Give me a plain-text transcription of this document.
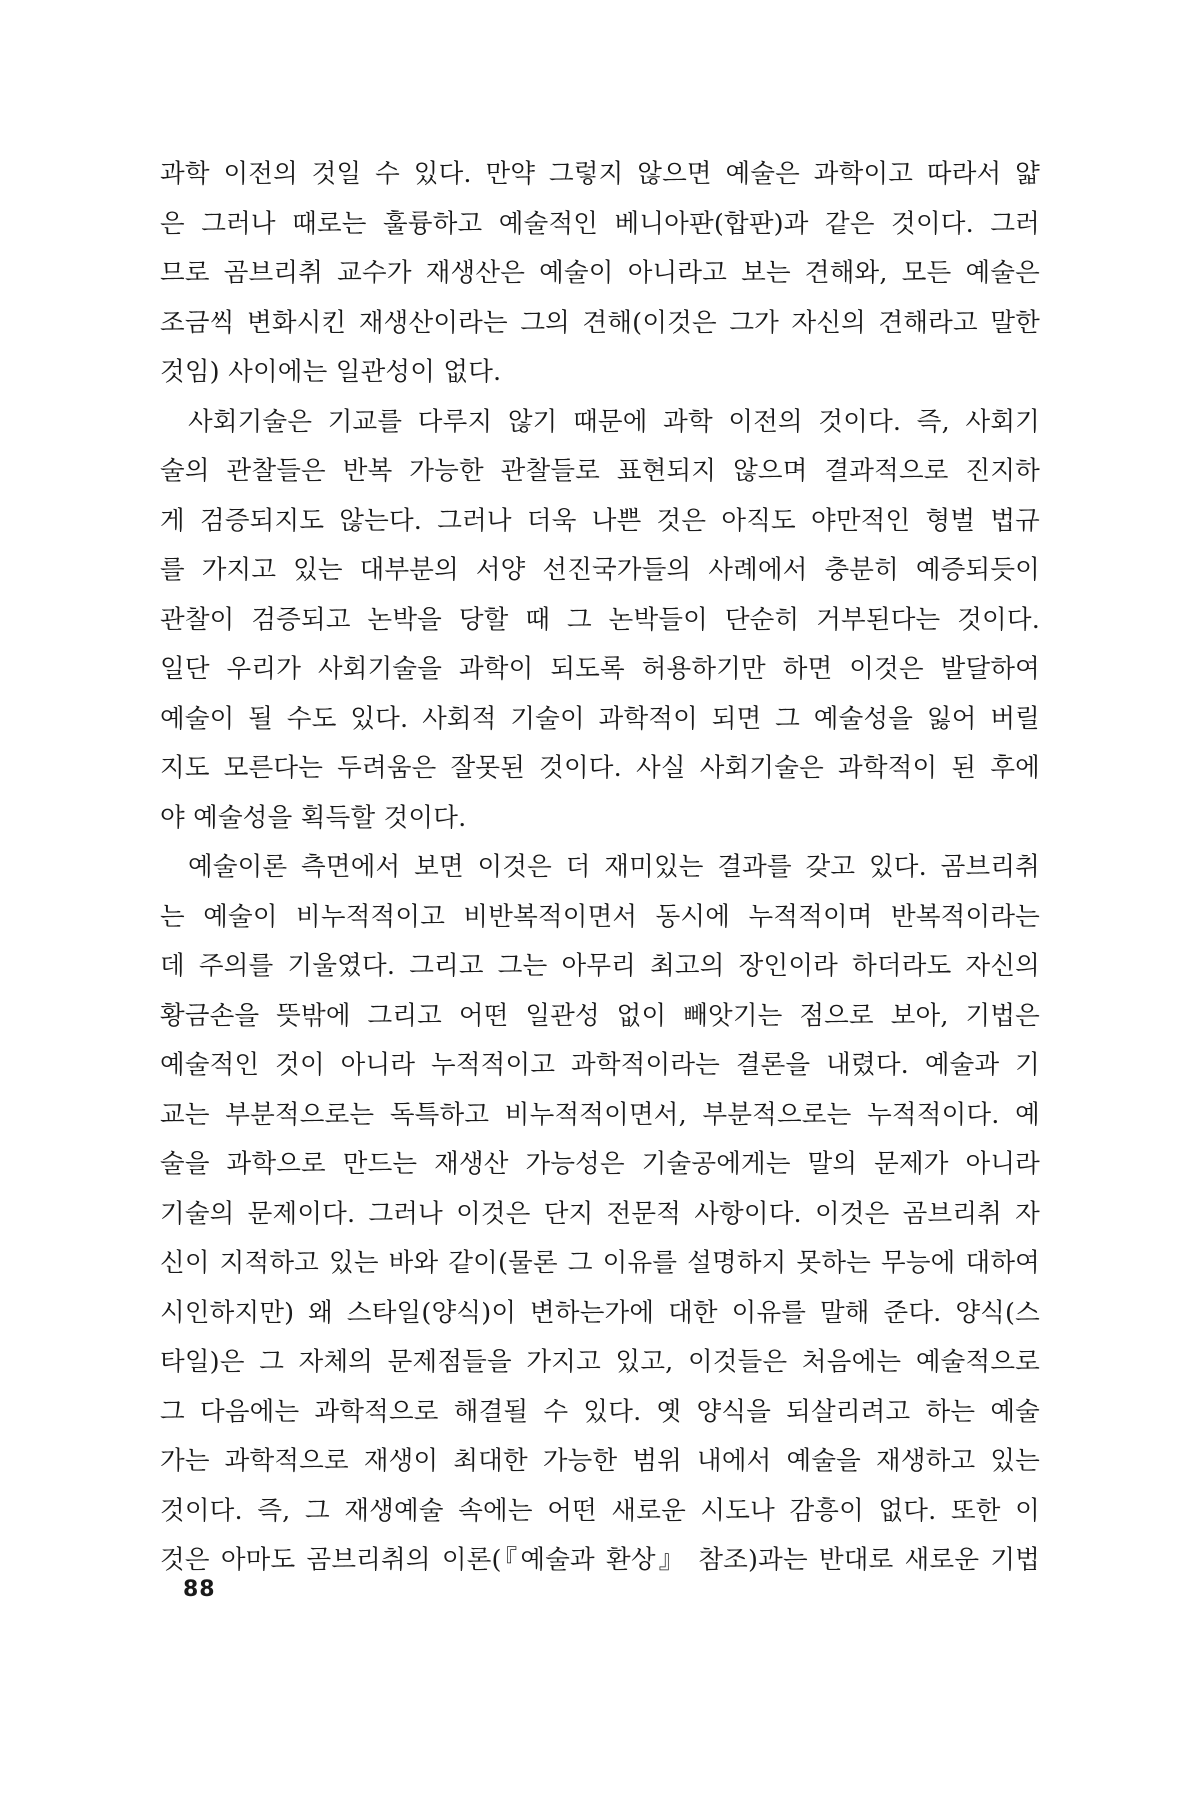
과학 이전의 것일 수 있다. 만약 그렇지 않으면 예술은 과학이고 따라서 얇
은 그러나 때로는 훌륭하고 예술적인 베니아판(합판)과 같은 것이다. 그러
므로 곰브리취 교수가 재생산은 예술이 아니라고 보는 견해와, 모든 예술은
조금씩 변화시킨 재생산이라는 그의 견해(이것은 그가 자신의 견해라고 말한
것임) 사이에는 일관성이 없다.
사회기술은 기교를 다루지 않기 때문에 과학 이전의 것이다. 즉, 사회기
술의 관찰들은 반복 가능한 관찰들로 표현되지 않으며 결과적으로 진지하
게 검증되지도 않는다. 그러나 더욱 나쁜 것은 아직도 야만적인 형벌 법규
를 가지고 있는 대부분의 서양 선진국가들의 사례에서 충분히 예증되듯이
관찰이 검증되고 논박을 당할 때 그 논박들이 단순히 거부된다는 것이다.
일단 우리가 사회기술을 과학이 되도록 허용하기만 하면 이것은 발달하여
예술이 될 수도 있다. 사회적 기술이 과학적이 되면 그 예술성을 잃어 버릴
지도 모른다는 두려움은 잘못된 것이다. 사실 사회기술은 과학적이 된 후에
야 예술성을 획득할 것이다.
예술이론 측면에서 보면 이것은 더 재미있는 결과를 갖고 있다. 곰브리취
는 예술이 비누적적이고 비반복적이면서 동시에 누적적이며 반복적이라는
데 주의를 기울였다. 그리고 그는 아무리 최고의 장인이라 하더라도 자신의
황금손을 뜻밖에 그리고 어떤 일관성 없이 빼앗기는 점으로 보아, 기법은
예술적인 것이 아니라 누적적이고 과학적이라는 결론을 내렸다. 예술과 기
교는 부분적으로는 독특하고 비누적적이면서, 부분적으로는 누적적이다. 예
술을 과학으로 만드는 재생산 가능성은 기술공에게는 말의 문제가 아니라
기술의 문제이다. 그러나 이것은 단지 전문적 사항이다. 이것은 곰브리취 자
신이 지적하고 있는 바와 같이(물론 그 이유를 설명하지 못하는 무능에 대하여
시인하지만) 왜 스타일(양식)이 변하는가에 대한 이유를 말해 준다. 양식(스
타일)은 그 자체의 문제점들을 가지고 있고, 이것들은 처음에는 예술적으로
그 다음에는 과학적으로 해결될 수 있다. 옛 양식을 되살리려고 하는 예술
가는 과학적으로 재생이 최대한 가능한 범위 내에서 예술을 재생하고 있는
것이다. 즉, 그 재생예술 속에는 어떤 새로운 시도나 감흥이 없다. 또한 이
것은 아마도 곰브리취의 이론(『예술과 환상』 참조)과는 반대로 새로운 기법
88
